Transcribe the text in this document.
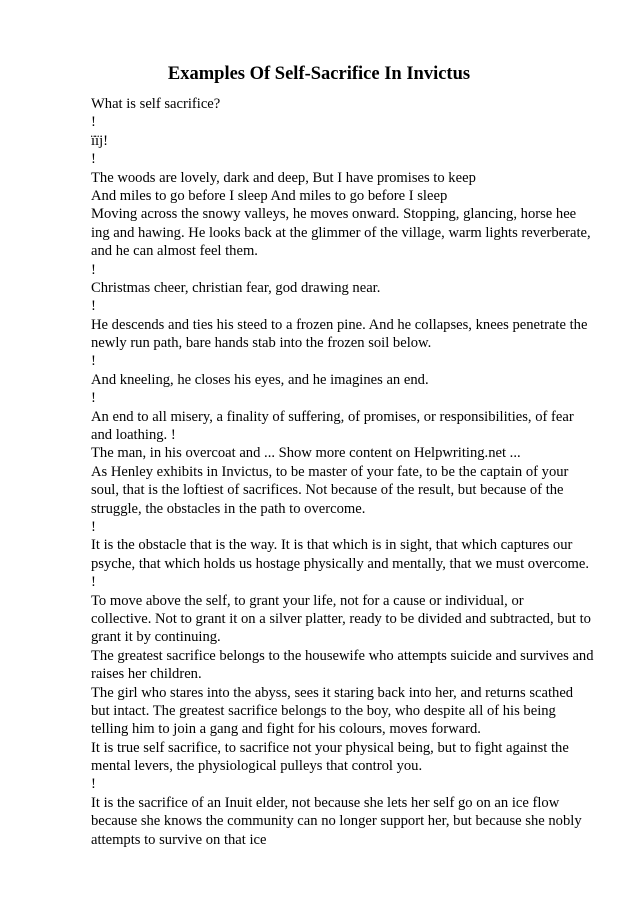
Examples Of Self-Sacrifice In Invictus
What is self sacrifice?
!
ïïj!
!
The woods are lovely, dark and deep, But I have promises to keep
And miles to go before I sleep And miles to go before I sleep
Moving across the snowy valleys, he moves onward. Stopping, glancing, horse hee
ing and hawing. He looks back at the glimmer of the village, warm lights reverberate,
and he can almost feel them.
!
Christmas cheer, christian fear, god drawing near.
!
He descends and ties his steed to a frozen pine. And he collapses, knees penetrate the
newly run path, bare hands stab into the frozen soil below.
!
And kneeling, he closes his eyes, and he imagines an end.
!
An end to all misery, a finality of suffering, of promises, or responsibilities, of fear
and loathing. !
The man, in his overcoat and ... Show more content on Helpwriting.net ...
As Henley exhibits in Invictus, to be master of your fate, to be the captain of your
soul, that is the loftiest of sacrifices. Not because of the result, but because of the
struggle, the obstacles in the path to overcome.
!
It is the obstacle that is the way. It is that which is in sight, that which captures our
psyche, that which holds us hostage physically and mentally, that we must overcome.
!
To move above the self, to grant your life, not for a cause or individual, or
collective. Not to grant it on a silver platter, ready to be divided and subtracted, but to
grant it by continuing.
The greatest sacrifice belongs to the housewife who attempts suicide and survives and
raises her children.
The girl who stares into the abyss, sees it staring back into her, and returns scathed
but intact. The greatest sacrifice belongs to the boy, who despite all of his being
telling him to join a gang and fight for his colours, moves forward.
It is true self sacrifice, to sacrifice not your physical being, but to fight against the
mental levers, the physiological pulleys that control you.
!
It is the sacrifice of an Inuit elder, not because she lets her self go on an ice flow
because she knows the community can no longer support her, but because she nobly
attempts to survive on that ice
